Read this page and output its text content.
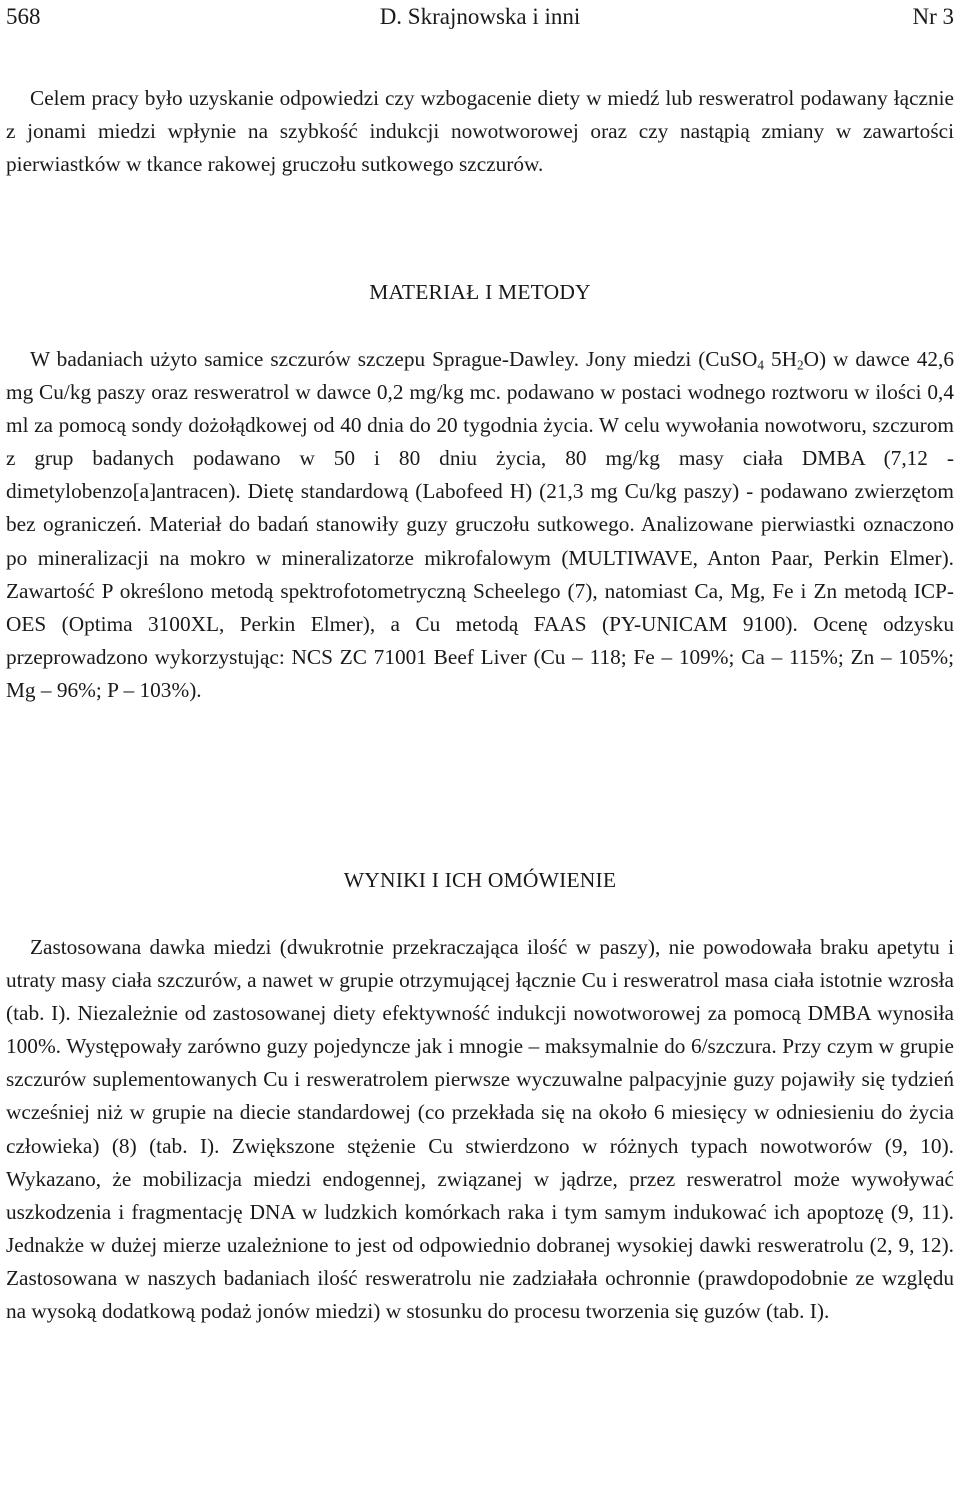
568	D. Skrajnowska i inni	Nr 3
Celem pracy było uzyskanie odpowiedzi czy wzbogacenie diety w miedź lub resweratrol podawany łącznie z jonami miedzi wpłynie na szybkość indukcji nowotworowej oraz czy nastąpią zmiany w zawartości pierwiastków w tkance rakowej gruczołu sutkowego szczurów.
MATERIAŁ I METODY
W badaniach użyto samice szczurów szczepu Sprague-Dawley. Jony miedzi (CuSO$_4$ $5H_2O$) w dawce 42,6 mg Cu/kg paszy oraz resweratrol w dawce 0,2 mg/kg mc. podawano w postaci wodnego roztworu w ilości 0,4 ml za pomocą sondy dożołądkowej od 40 dnia do 20 tygodnia życia. W celu wywołania nowotworu, szczurom z grup badanych podawano w 50 i 80 dniu życia, 80 mg/kg masy ciała DMBA (7,12 - dimetylobenzo[a]antracen). Dietę standardową (Labofeed H) (21,3 mg Cu/kg paszy) - podawano zwierzętom bez ograniczeń. Materiał do badań stanowiły guzy gruczołu sutkowego. Analizowane pierwiastki oznaczono po mineralizacji na mokro w mineralizatorze mikrofalowym (MULTIWAVE, Anton Paar, Perkin Elmer). Zawartość P określono metodą spektrofotometryczną Scheelego (7), natomiast Ca, Mg, Fe i Zn metodą ICP-OES (Optima 3100XL, Perkin Elmer), a Cu metodą FAAS (PY-UNICAM 9100). Ocenę odzysku przeprowadzono wykorzystując: NCS ZC 71001 Beef Liver (Cu – 118; Fe – 109%; Ca – 115%; Zn – 105%; Mg – 96%; P – 103%).
WYNIKI I ICH OMÓWIENIE
Zastosowana dawka miedzi (dwukrotnie przekraczająca ilość w paszy), nie powodowała braku apetytu i utraty masy ciała szczurów, a nawet w grupie otrzymującej łącznie Cu i resweratrol masa ciała istotnie wzrosła (tab. I). Niezależnie od zastosowanej diety efektywność indukcji nowotworowej za pomocą DMBA wynosiła 100%. Występowały zarówno guzy pojedyncze jak i mnogie – maksymalnie do 6/szczura. Przy czym w grupie szczurów suplementowanych Cu i resweratrolem pierwsze wyczuwalne palpacyjnie guzy pojawiły się tydzień wcześniej niż w grupie na diecie standardowej (co przekłada się na około 6 miesięcy w odniesieniu do życia człowieka) (8) (tab. I). Zwiększone stężenie Cu stwierdzono w różnych typach nowotworów (9, 10). Wykazano, że mobilizacja miedzi endogennej, związanej w jądrze, przez resweratrol może wywoływać uszkodzenia i fragmentację DNA w ludzkich komórkach raka i tym samym indukować ich apoptozę (9, 11). Jednakże w dużej mierze uzależnione to jest od odpowiednio dobranej wysokiej dawki resweratrolu (2, 9, 12). Zastosowana w naszych badaniach ilość resweratrolu nie zadziałała ochronnie (prawdopodobnie ze względu na wysoką dodatkową podaż jonów miedzi) w stosunku do procesu tworzenia się guzów (tab. I).
